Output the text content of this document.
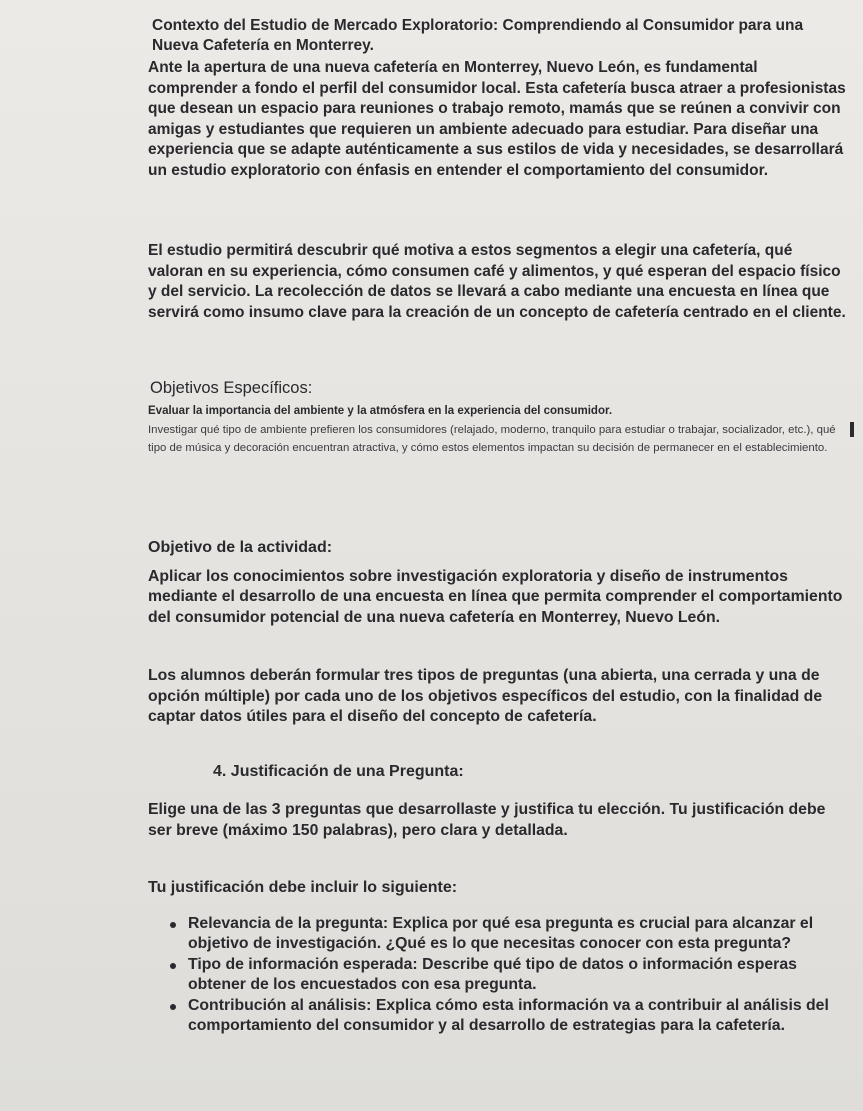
Contexto del Estudio de Mercado Exploratorio: Comprendiendo al Consumidor para una Nueva Cafetería en Monterrey.

Ante la apertura de una nueva cafetería en Monterrey, Nuevo León, es fundamental comprender a fondo el perfil del consumidor local. Esta cafetería busca atraer a profesionistas que desean un espacio para reuniones o trabajo remoto, mamás que se reúnen a convivir con amigas y estudiantes que requieren un ambiente adecuado para estudiar. Para diseñar una experiencia que se adapte auténticamente a sus estilos de vida y necesidades, se desarrollará un estudio exploratorio con énfasis en entender el comportamiento del consumidor.

El estudio permitirá descubrir qué motiva a estos segmentos a elegir una cafetería, qué valoran en su experiencia, cómo consumen café y alimentos, y qué esperan del espacio físico y del servicio. La recolección de datos se llevará a cabo mediante una encuesta en línea que servirá como insumo clave para la creación de un concepto de cafetería centrado en el cliente.

Objetivos Específicos:

Evaluar la importancia del ambiente y la atmósfera en la experiencia del consumidor.

Investigar qué tipo de ambiente prefieren los consumidores (relajado, moderno, tranquilo para estudiar o trabajar, socializador, etc.), qué tipo de música y decoración encuentran atractiva, y cómo estos elementos impactan su decisión de permanecer en el establecimiento.
Objetivo de la actividad:

Aplicar los conocimientos sobre investigación exploratoria y diseño de instrumentos mediante el desarrollo de una encuesta en línea que permita comprender el comportamiento del consumidor potencial de una nueva cafetería en Monterrey, Nuevo León.

Los alumnos deberán formular tres tipos de preguntas (una abierta, una cerrada y una de opción múltiple) por cada uno de los objetivos específicos del estudio, con la finalidad de captar datos útiles para el diseño del concepto de cafetería.

4. Justificación de una Pregunta:

Elige una de las 3 preguntas que desarrollaste y justifica tu elección. Tu justificación debe ser breve (máximo 150 palabras), pero clara y detallada.

Tu justificación debe incluir lo siguiente:
Relevancia de la pregunta: Explica por qué esa pregunta es crucial para alcanzar el objetivo de investigación. ¿Qué es lo que necesitas conocer con esta pregunta?
Tipo de información esperada: Describe qué tipo de datos o información esperas obtener de los encuestados con esa pregunta.
Contribución al análisis: Explica cómo esta información va a contribuir al análisis del comportamiento del consumidor y al desarrollo de estrategias para la cafetería.
